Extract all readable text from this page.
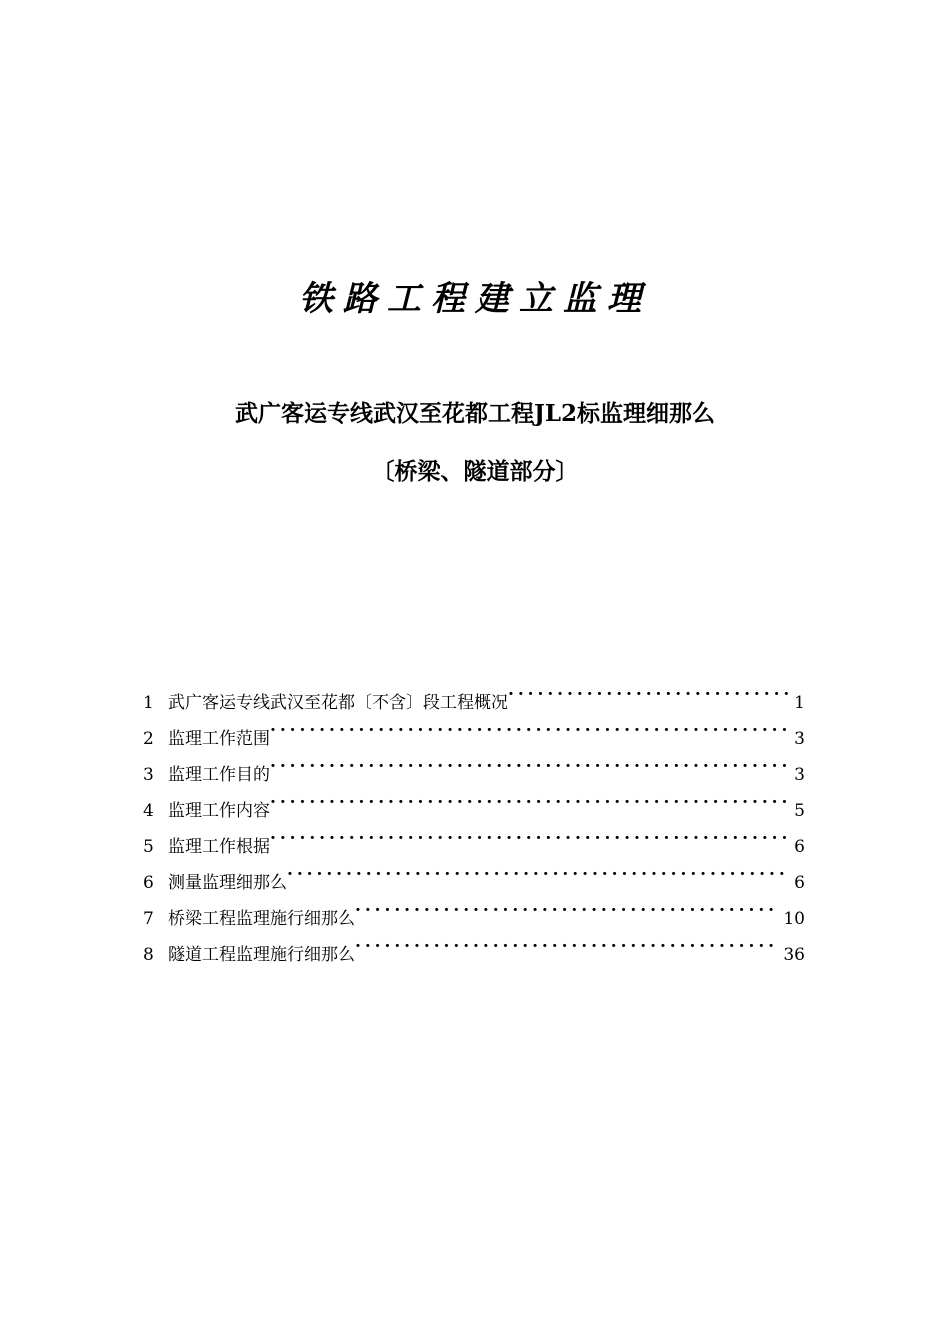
铁路工程建立监理
武广客运专线武汉至花都工程JL2标监理细那么
〔桥梁、隧道部分〕
1 武广客运专线武汉至花都〔不含〕段工程概况 . . .	1
2 监理工作范围 . . .	3
3 监理工作目的 . . .	3
4 监理工作内容 . . .	5
5 监理工作根据 . . .	6
6 测量监理细那么 . . .	6
7 桥梁工程监理施行细那么 . . .	10
8 隧道工程监理施行细那么 . . .	36
